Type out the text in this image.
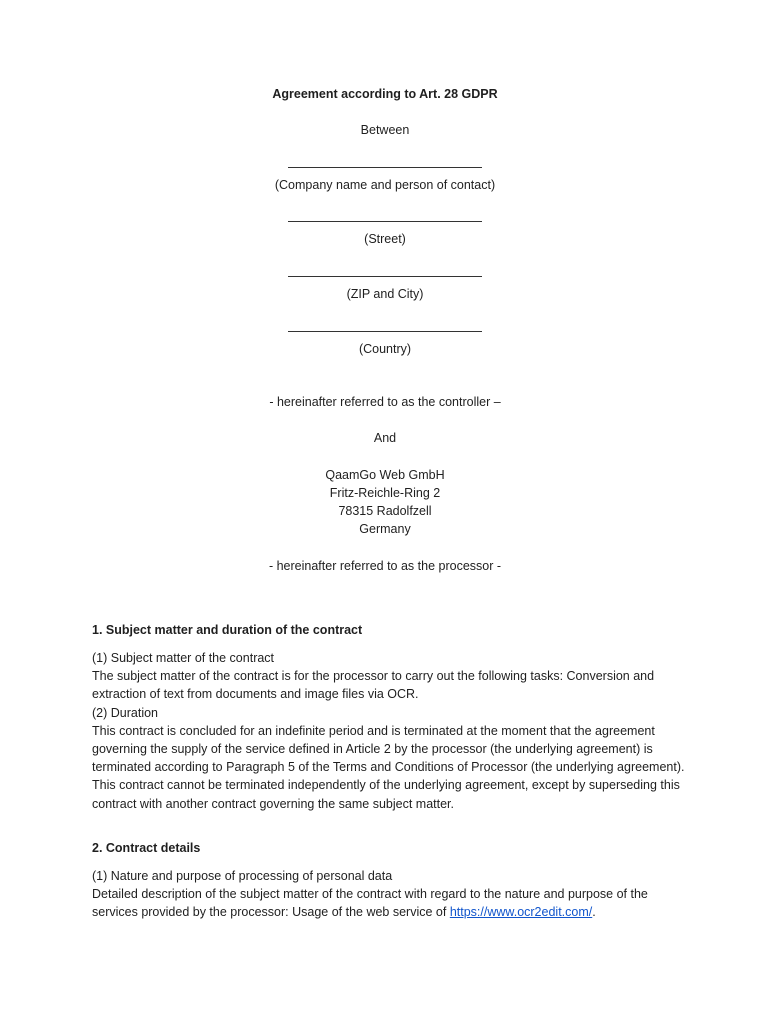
Agreement according to Art. 28 GDPR
Between
(Company name and person of contact)
(Street)
(ZIP and City)
(Country)
- hereinafter referred to as the controller –
And
QaamGo Web GmbH
Fritz-Reichle-Ring 2
78315 Radolfzell
Germany
- hereinafter referred to as the processor -
1. Subject matter and duration of the contract

(1) Subject matter of the contract

The subject matter of the contract is for the processor to carry out the following tasks: Conversion and extraction of text from documents and image files via OCR.

(2) Duration

This contract is concluded for an indefinite period and is terminated at the moment that the agreement governing the supply of the service defined in Article 2 by the processor (the underlying agreement) is terminated according to Paragraph 5 of the Terms and Conditions of Processor (the underlying agreement). This contract cannot be terminated independently of the underlying agreement, except by superseding this contract with another contract governing the same subject matter.

2. Contract details

(1) Nature and purpose of processing of personal data

Detailed description of the subject matter of the contract with regard to the nature and purpose of the services provided by the processor: Usage of the web service of https://www.ocr2edit.com/.
